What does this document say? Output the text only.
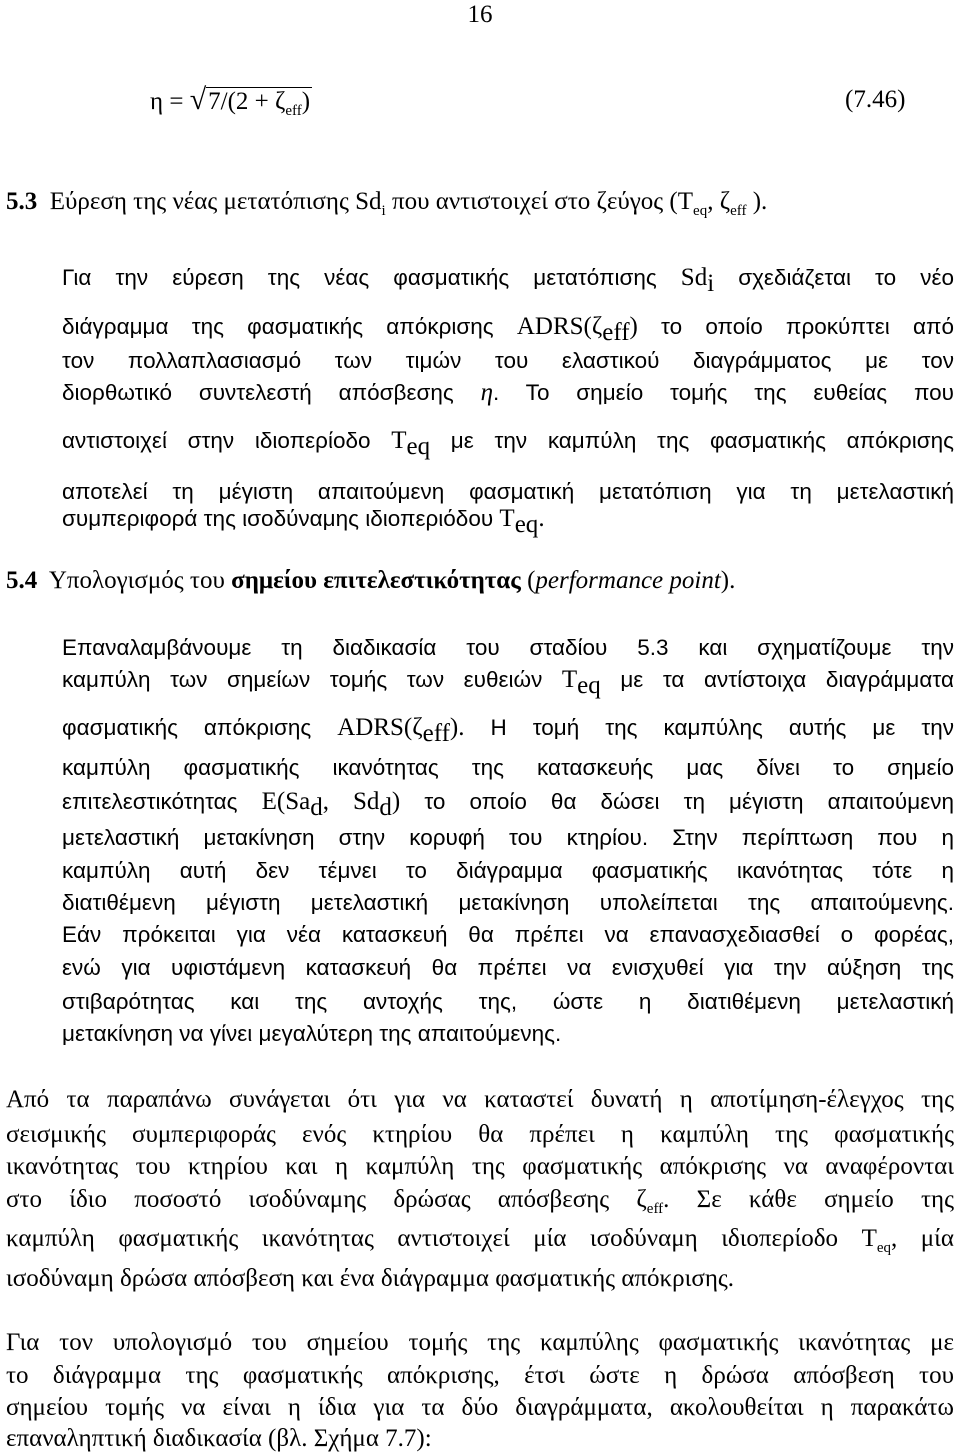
16
$\eta = √7/(2 + \zeta_{eff})$	(7.46)
5.3 Εύρεση της νέας μετατόπισης $Sd_i$ που αντιστοιχεί στο ζεύγος ($T_{eq}$, $\zeta_{eff}$ ).
Για την εύρεση της νέας φασματικής μετατόπισης $Sd_i$ σχεδιάζεται το νέο
διάγραμμα της φασματικής απόκρισης $ADRS(\zeta_{eff})$ το οποίο προκύπτει από
τον πολλαπλασιασμό των τιμών του ελαστικού διαγράμματος με τον
διορθωτικό συντελεστή απόσβεσης η. Το σημείο τομής της ευθείας που
αντιστοιχεί στην ιδιοπερίοδο $T_{eq}$ με την καμπύλη της φασματικής απόκρισης
αποτελεί τη μέγιστη απαιτούμενη φασματική μετατόπιση για τη μετελαστική
συμπεριφορά της ισοδύναμης ιδιοπεριόδου $T_{eq}$.
5.4 Υπολογισμός του σημείου επιτελεστικότητας (performance point).
Επαναλαμβάνουμε τη διαδικασία του σταδίου 5.3 και σχηματίζουμε την
καμπύλη των σημείων τομής των ευθειών $T_{eq}$ με τα αντίστοιχα διαγράμματα
φασματικής απόκρισης $ADRS(\zeta_{eff})$. Η τομή της καμπύλης αυτής με την
καμπύλη φασματικής ικανότητας της κατασκευής μας δίνει το σημείο
επιτελεστικότητας $E(Sa_d$, $Sd_d$) το οποίο θα δώσει τη μέγιστη απαιτούμενη
μετελαστική μετακίνηση στην κορυφή του κτηρίου. Στην περίπτωση που η
καμπύλη αυτή δεν τέμνει το διάγραμμα φασματικής ικανότητας τότε η
διατιθέμενη μέγιστη μετελαστική μετακίνηση υπολείπεται της απαιτούμενης.
Εάν πρόκειται για νέα κατασκευή θα πρέπει να επανασχεδιασθεί ο φορέας,
ενώ για υφιστάμενη κατασκευή θα πρέπει να ενισχυθεί για την αύξηση της
στιβαρότητας και της αντοχής της, ώστε η διατιθέμενη μετελαστική
μετακίνηση να γίνει μεγαλύτερη της απαιτούμενης.
Από τα παραπάνω συνάγεται ότι για να καταστεί δυνατή η αποτίμηση-έλεγχος της
σεισμικής συμπεριφοράς ενός κτηρίου θα πρέπει η καμπύλη της φασματικής
ικανότητας του κτηρίου και η καμπύλη της φασματικής απόκρισης να αναφέρονται
στο ίδιο ποσοστό ισοδύναμης δρώσας απόσβεσης $\zeta_{eff}$. Σε κάθε σημείο της
καμπύλη φασματικής ικανότητας αντιστοιχεί μία ισοδύναμη ιδιοπερίοδο $T_{eq}$, μία
ισοδύναμη δρώσα απόσβεση και ένα διάγραμμα φασματικής απόκρισης.
Για τον υπολογισμό του σημείου τομής της καμπύλης φασματικής ικανότητας με
το διάγραμμα της φασματικής απόκρισης, έτσι ώστε η δρώσα απόσβεση του
σημείου τομής να είναι η ίδια για τα δύο διαγράμματα, ακολουθείται η παρακάτω
επαναληπτική διαδικασία (βλ. Σχήμα 7.7):
